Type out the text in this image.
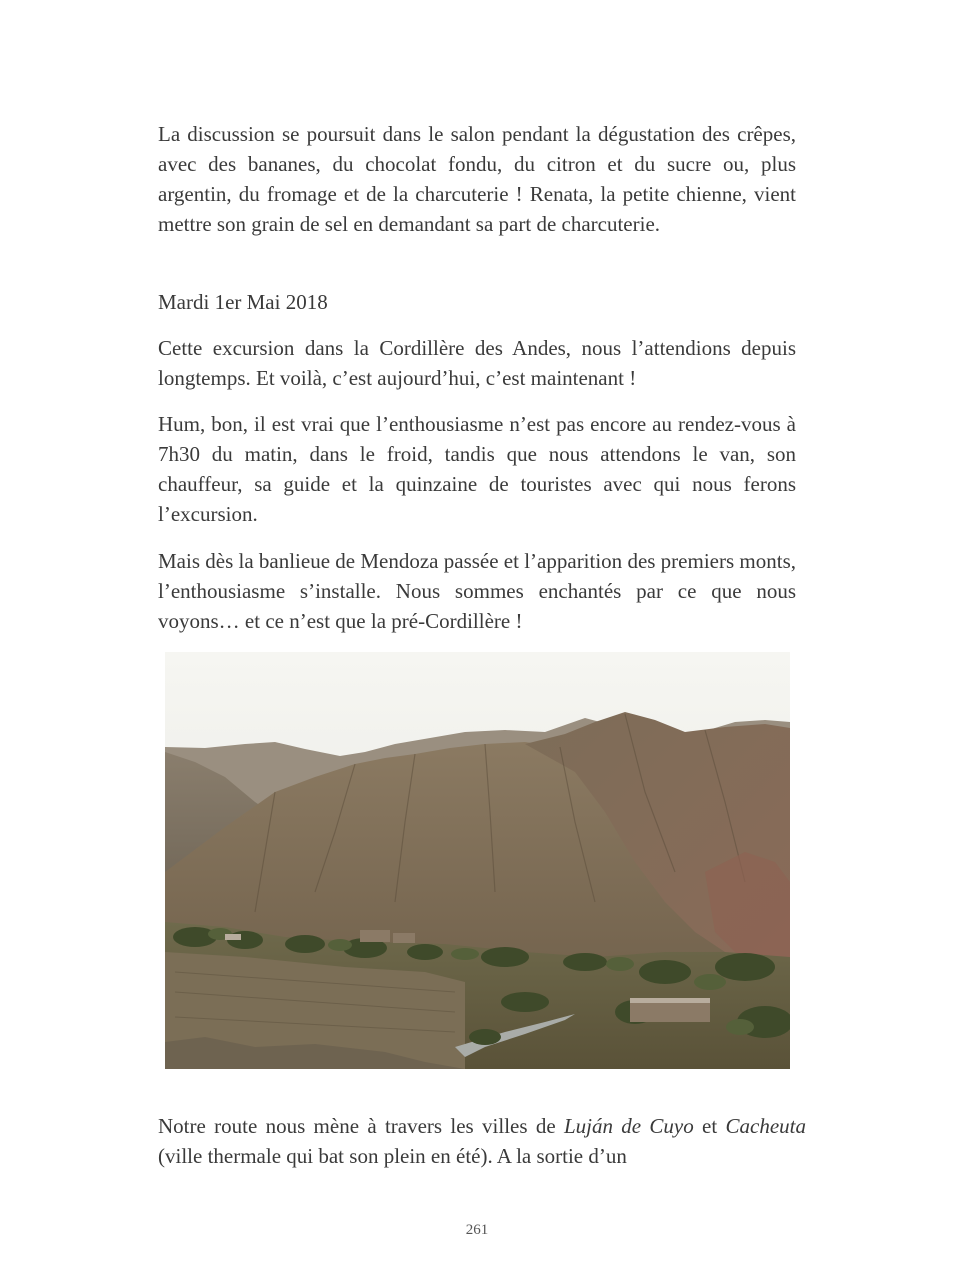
La discussion se poursuit dans le salon pendant la dégustation des crêpes, avec des bananes, du chocolat fondu, du citron et du sucre ou, plus argentin, du fromage et de la charcuterie ! Renata, la petite chienne, vient mettre son grain de sel en demandant sa part de charcuterie.

Mardi 1er Mai 2018

Cette excursion dans la Cordillère des Andes, nous l’attendions depuis longtemps. Et voilà, c’est aujourd’hui, c’est maintenant !

Hum, bon, il est vrai que l’enthousiasme n’est pas encore au rendez-vous à 7h30 du matin, dans le froid, tandis que nous attendons le van, son chauffeur, sa guide et la quinzaine de touristes avec qui nous ferons l’excursion.

Mais dès la banlieue de Mendoza passée et l’apparition des premiers monts, l’enthousiasme s’installe. Nous sommes enchantés par ce que nous voyons… et ce n’est que la pré-Cordillère !

Notre route nous mène à travers les villes de Luján de Cuyo et Cacheuta (ville thermale qui bat son plein en été). A la sortie d’un

261
